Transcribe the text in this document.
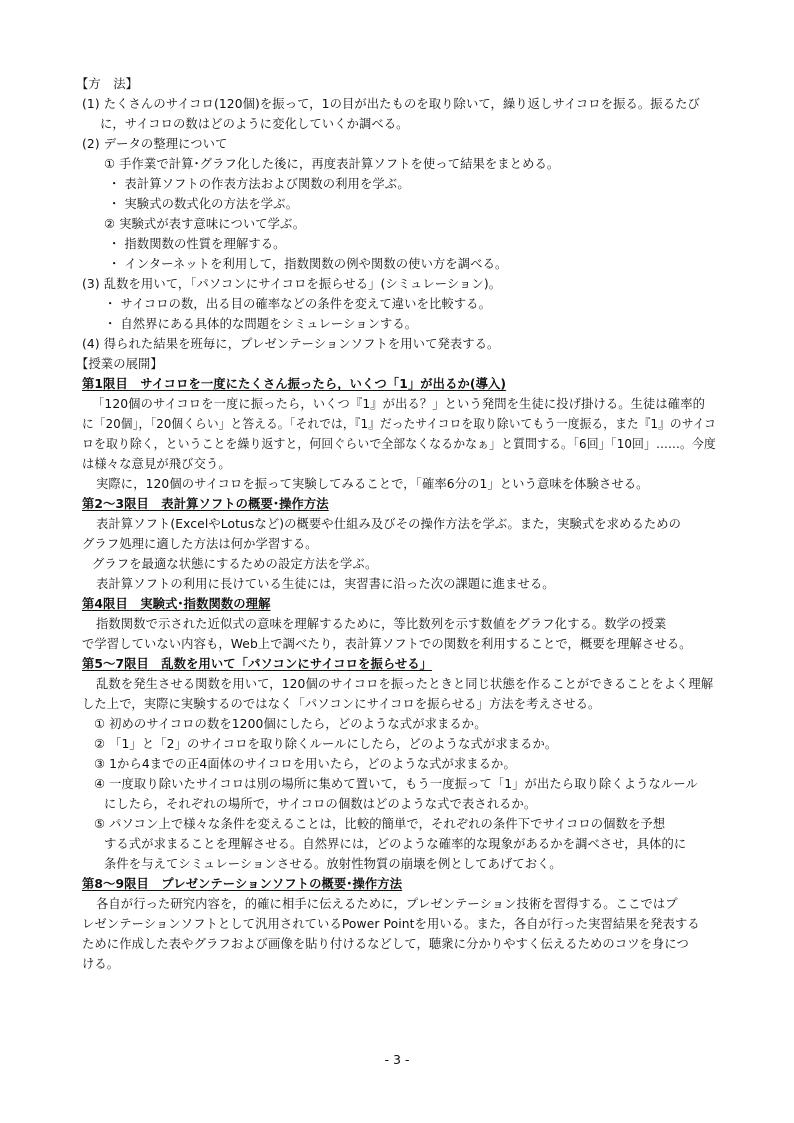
【方　法】
(1) たくさんのサイコロ(120個)を振って，1の目が出たものを取り除いて，繰り返しサイコロを振る。振るたび
に，サイコロの数はどのように変化していくか調べる。
(2) データの整理について
① 手作業で計算･グラフ化した後に，再度表計算ソフトを使って結果をまとめる。
・ 表計算ソフトの作表方法および関数の利用を学ぶ。
・ 実験式の数式化の方法を学ぶ。
② 実験式が表す意味について学ぶ。
・ 指数関数の性質を理解する。
・ インターネットを利用して，指数関数の例や関数の使い方を調べる。
(3) 乱数を用いて，「パソコンにサイコロを振らせる」(シミュレーション)。
・ サイコロの数，出る目の確率などの条件を変えて違いを比較する。
・ 自然界にある具体的な問題をシミュレーションする。
(4) 得られた結果を班毎に，プレゼンテーションソフトを用いて発表する。
【授業の展開】
第1限目　サイコロを一度にたくさん振ったら，いくつ「1」が出るか(導入)
「120個のサイコロを一度に振ったら，いくつ『1』が出る？」という発問を生徒に投げ掛ける。生徒は確率的
に「20個」，「20個くらい」と答える。「それでは，『1』だったサイコロを取り除いてもう一度振る，また『1』のサイコ
ロを取り除く，ということを繰り返すと，何回ぐらいで全部なくなるかなぁ」と質問する。「6回」「10回」……。今度
は様々な意見が飛び交う。
実際に，120個のサイコロを振って実験してみることで，「確率6分の1」という意味を体験させる。
第2～3限目　表計算ソフトの概要･操作方法
表計算ソフト(ExcelやLotusなど)の概要や仕組み及びその操作方法を学ぶ。また，実験式を求めるための
グラフ処理に適した方法は何か学習する。
グラフを最適な状態にするための設定方法を学ぶ。
表計算ソフトの利用に長けている生徒には，実習書に沿った次の課題に進ませる。
第4限目　実験式･指数関数の理解
指数関数で示された近似式の意味を理解するために，等比数列を示す数値をグラフ化する。数学の授業
で学習していない内容も，Web上で調べたり，表計算ソフトでの関数を利用することで，概要を理解させる。
第5～7限目　乱数を用いて「パソコンにサイコロを振らせる」
乱数を発生させる関数を用いて，120個のサイコロを振ったときと同じ状態を作ることができることをよく理解
した上で，実際に実験するのではなく「パソコンにサイコロを振らせる」方法を考えさせる。
① 初めのサイコロの数を1200個にしたら，どのような式が求まるか。
② 「1」と「2」のサイコロを取り除くルールにしたら，どのような式が求まるか。
③ 1から4までの正4面体のサイコロを用いたら，どのような式が求まるか。
④ 一度取り除いたサイコロは別の場所に集めて置いて，もう一度振って「1」が出たら取り除くようなルール
にしたら，それぞれの場所で，サイコロの個数はどのような式で表されるか。
⑤ パソコン上で様々な条件を変えることは，比較的簡単で，それぞれの条件下でサイコロの個数を予想
する式が求まることを理解させる。自然界には，どのような確率的な現象があるかを調べさせ，具体的に
条件を与えてシミュレーションさせる。放射性物質の崩壊を例としてあげておく。
第8～9限目　プレゼンテーションソフトの概要･操作方法
各自が行った研究内容を，的確に相手に伝えるために，プレゼンテーション技術を習得する。ここではプ
レゼンテーションソフトとして汎用されているPower Pointを用いる。また，各自が行った実習結果を発表する
ために作成した表やグラフおよび画像を貼り付けるなどして，聴衆に分かりやすく伝えるためのコツを身につ
ける。
- 3 -
